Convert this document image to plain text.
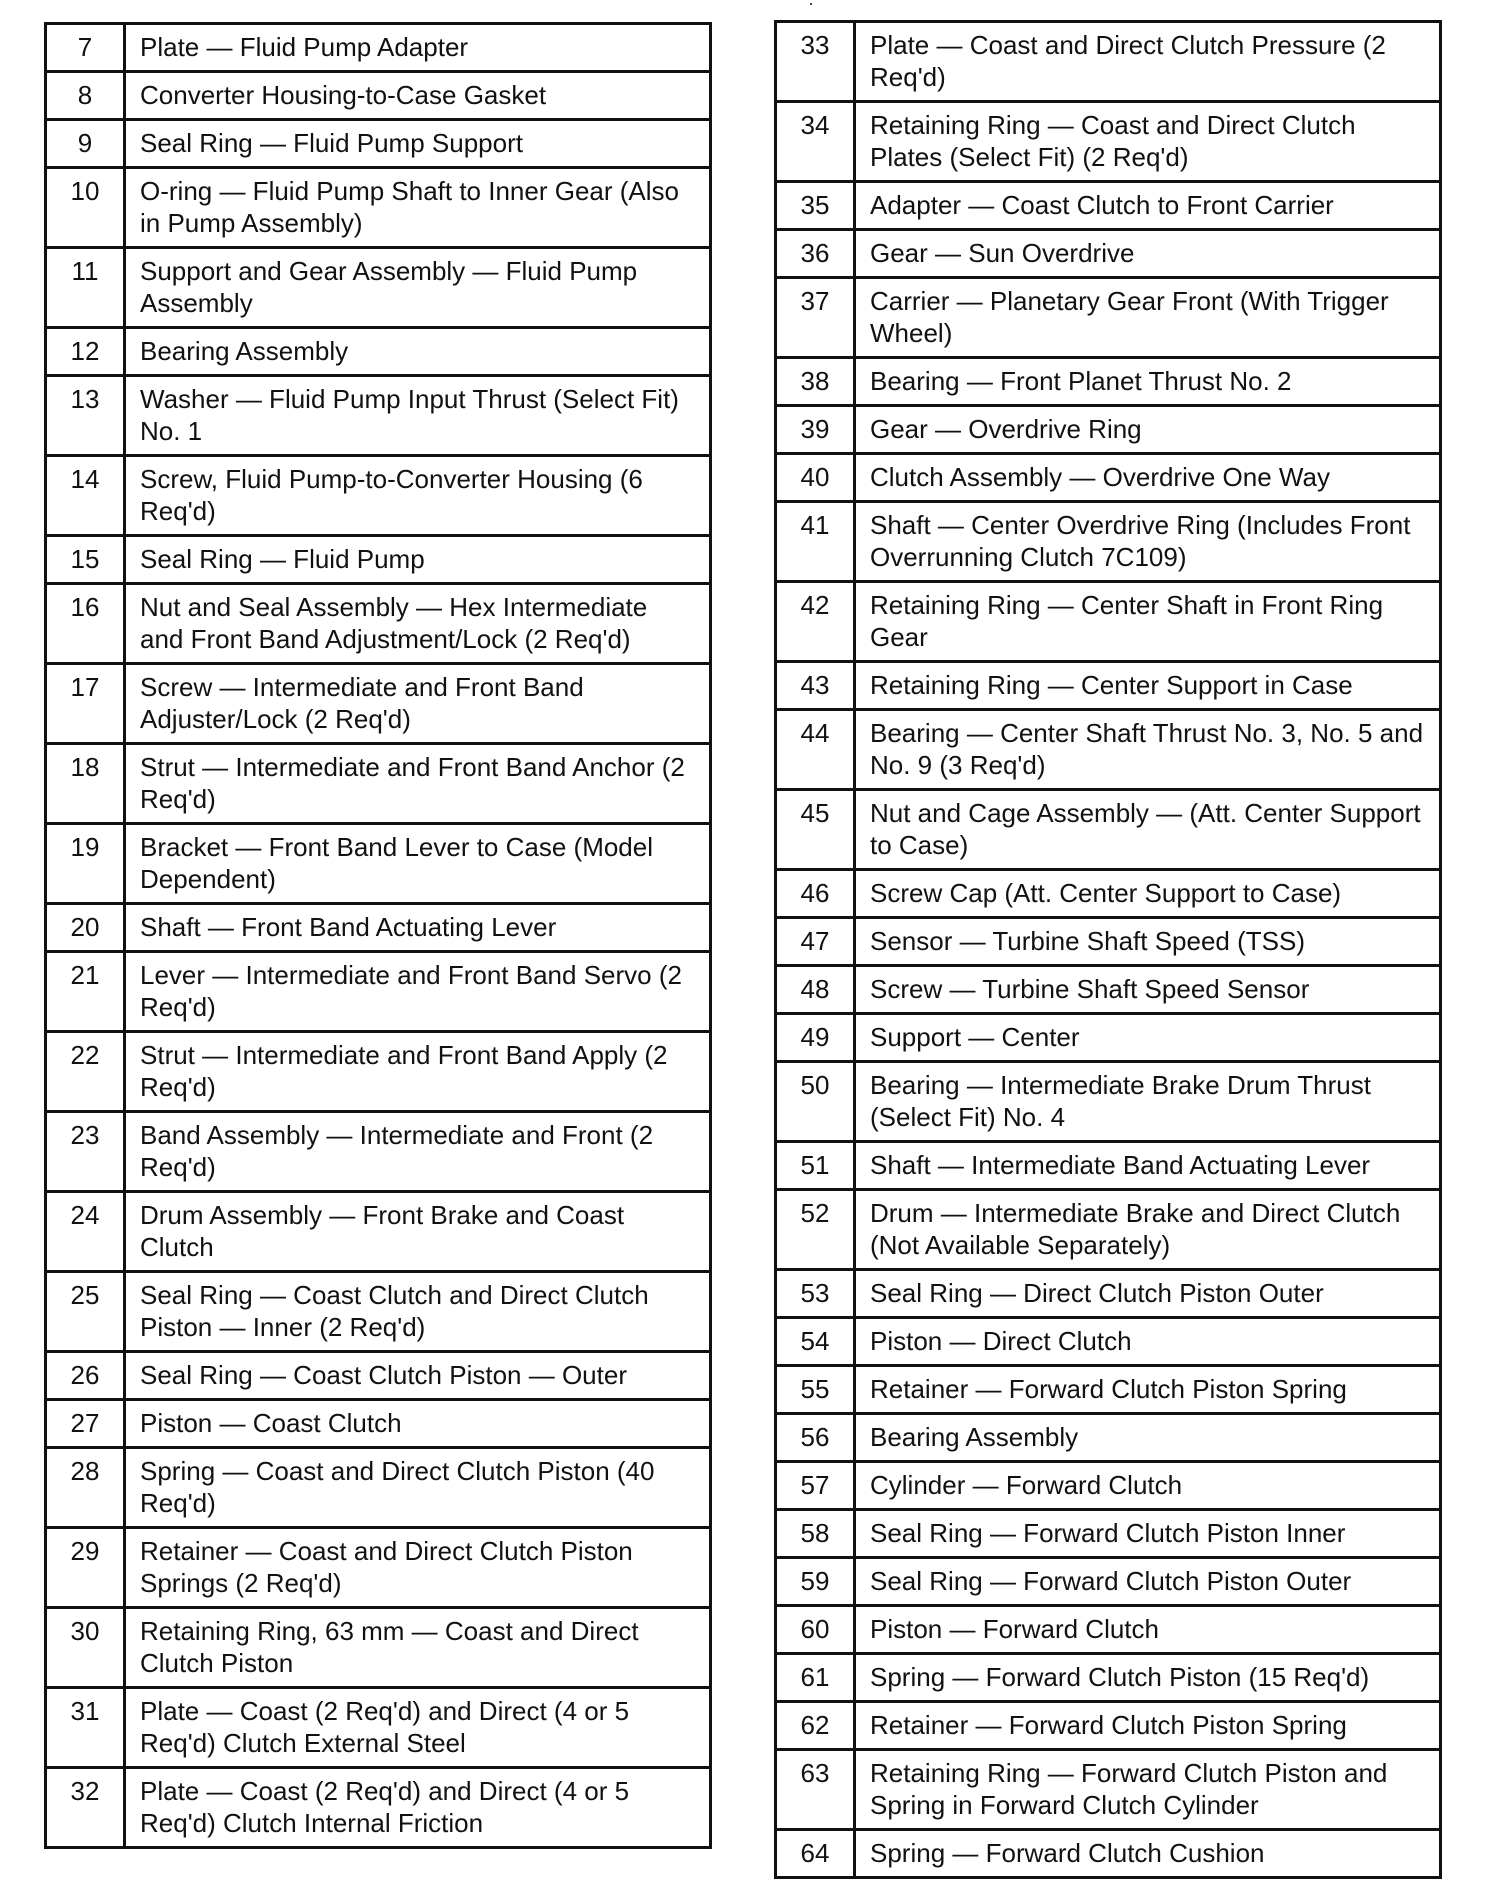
7	Plate — Fluid Pump Adapter
8	Converter Housing-to-Case Gasket
9	Seal Ring — Fluid Pump Support
10	O-ring — Fluid Pump Shaft to Inner Gear (Also in Pump Assembly)
11	Support and Gear Assembly — Fluid Pump Assembly
12	Bearing Assembly
13	Washer — Fluid Pump Input Thrust (Select Fit) No. 1
14	Screw, Fluid Pump-to-Converter Housing (6 Req'd)
15	Seal Ring — Fluid Pump
16	Nut and Seal Assembly — Hex Intermediate and Front Band Adjustment/Lock (2 Req'd)
17	Screw — Intermediate and Front Band Adjuster/Lock (2 Req'd)
18	Strut — Intermediate and Front Band Anchor (2 Req'd)
19	Bracket — Front Band Lever to Case (Model Dependent)
20	Shaft — Front Band Actuating Lever
21	Lever — Intermediate and Front Band Servo (2 Req'd)
22	Strut — Intermediate and Front Band Apply (2 Req'd)
23	Band Assembly — Intermediate and Front (2 Req'd)
24	Drum Assembly — Front Brake and Coast Clutch
25	Seal Ring — Coast Clutch and Direct Clutch Piston — Inner (2 Req'd)
26	Seal Ring — Coast Clutch Piston — Outer
27	Piston — Coast Clutch
28	Spring — Coast and Direct Clutch Piston (40 Req'd)
29	Retainer — Coast and Direct Clutch Piston Springs (2 Req'd)
30	Retaining Ring, 63 mm — Coast and Direct Clutch Piston
31	Plate — Coast (2 Req'd) and Direct (4 or 5 Req'd) Clutch External Steel
32	Plate — Coast (2 Req'd) and Direct (4 or 5 Req'd) Clutch Internal Friction
33	Plate — Coast and Direct Clutch Pressure (2 Req'd)
34	Retaining Ring — Coast and Direct Clutch Plates (Select Fit) (2 Req'd)
35	Adapter — Coast Clutch to Front Carrier
36	Gear — Sun Overdrive
37	Carrier — Planetary Gear Front (With Trigger Wheel)
38	Bearing — Front Planet Thrust No. 2
39	Gear — Overdrive Ring
40	Clutch Assembly — Overdrive One Way
41	Shaft — Center Overdrive Ring (Includes Front Overrunning Clutch 7C109)
42	Retaining Ring — Center Shaft in Front Ring Gear
43	Retaining Ring — Center Support in Case
44	Bearing — Center Shaft Thrust No. 3, No. 5 and No. 9 (3 Req'd)
45	Nut and Cage Assembly — (Att. Center Support to Case)
46	Screw Cap (Att. Center Support to Case)
47	Sensor — Turbine Shaft Speed (TSS)
48	Screw — Turbine Shaft Speed Sensor
49	Support — Center
50	Bearing — Intermediate Brake Drum Thrust (Select Fit) No. 4
51	Shaft — Intermediate Band Actuating Lever
52	Drum — Intermediate Brake and Direct Clutch (Not Available Separately)
53	Seal Ring — Direct Clutch Piston Outer
54	Piston — Direct Clutch
55	Retainer — Forward Clutch Piston Spring
56	Bearing Assembly
57	Cylinder — Forward Clutch
58	Seal Ring — Forward Clutch Piston Inner
59	Seal Ring — Forward Clutch Piston Outer
60	Piston — Forward Clutch
61	Spring — Forward Clutch Piston (15 Req'd)
62	Retainer — Forward Clutch Piston Spring
63	Retaining Ring — Forward Clutch Piston and Spring in Forward Clutch Cylinder
64	Spring — Forward Clutch Cushion
